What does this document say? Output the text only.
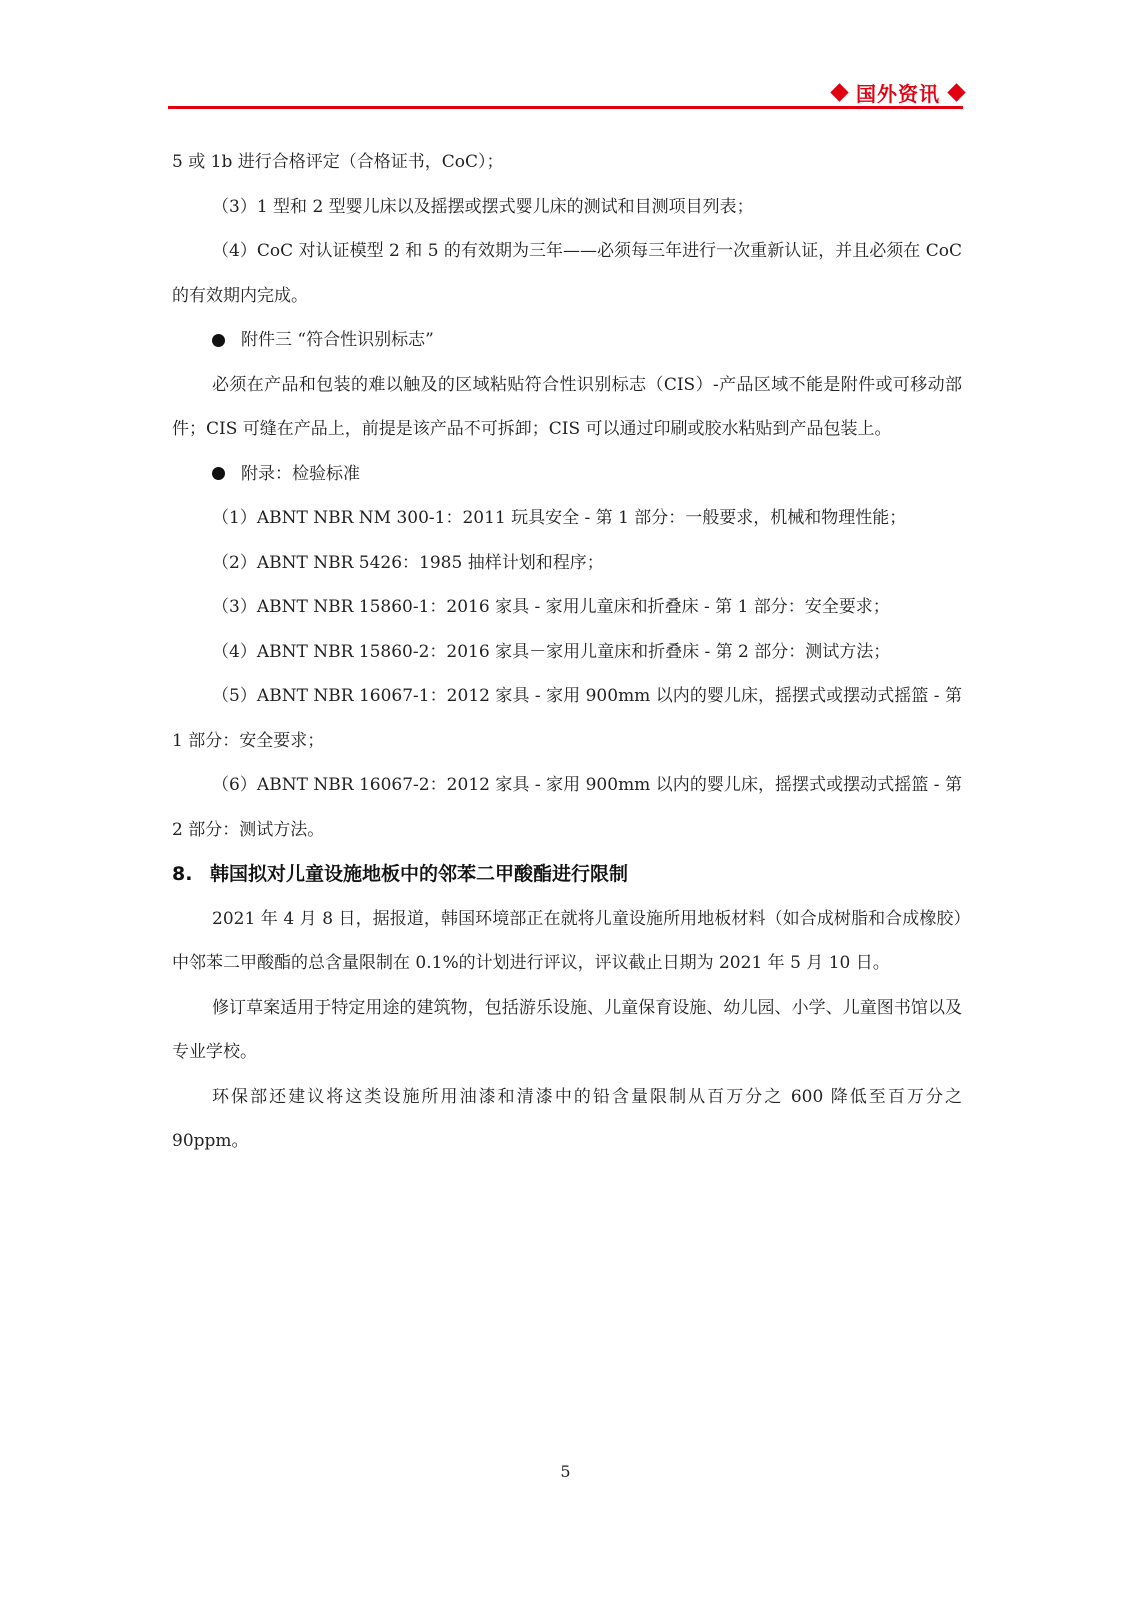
国外资讯

5 或 1b 进行合格评定（合格证书，CoC）；

（3）1 型和 2 型婴儿床以及摇摆或摆式婴儿床的测试和目测项目列表；

（4）CoC 对认证模型 2 和 5 的有效期为三年——必须每三年进行一次重新认证，并且必须在 CoC 的有效期内完成。

附件三 “符合性识别标志”

必须在产品和包装的难以触及的区域粘贴符合性识别标志（CIS）-产品区域不能是附件或可移动部件；CIS 可缝在产品上，前提是该产品不可拆卸；CIS 可以通过印刷或胶水粘贴到产品包装上。

附录：检验标准

（1）ABNT NBR NM 300-1：2011 玩具安全 - 第 1 部分：一般要求，机械和物理性能；

（2）ABNT NBR 5426：1985 抽样计划和程序；

（3）ABNT NBR 15860-1：2016 家具 - 家用儿童床和折叠床 - 第 1 部分：安全要求；

（4）ABNT NBR 15860-2：2016 家具－家用儿童床和折叠床 - 第 2 部分：测试方法；

（5）ABNT NBR 16067-1：2012 家具 - 家用 900mm 以内的婴儿床，摇摆式或摆动式摇篮 - 第 1 部分：安全要求；

（6）ABNT NBR 16067-2：2012 家具 - 家用 900mm 以内的婴儿床，摇摆式或摆动式摇篮 - 第 2 部分：测试方法。

8. 韩国拟对儿童设施地板中的邻苯二甲酸酯进行限制

2021 年 4 月 8 日，据报道，韩国环境部正在就将儿童设施所用地板材料（如合成树脂和合成橡胶）中邻苯二甲酸酯的总含量限制在 0.1%的计划进行评议，评议截止日期为 2021 年 5 月 10 日。

修订草案适用于特定用途的建筑物，包括游乐设施、儿童保育设施、幼儿园、小学、儿童图书馆以及专业学校。

环保部还建议将这类设施所用油漆和清漆中的铅含量限制从百万分之 600 降低至百万分之 90ppm。

5
